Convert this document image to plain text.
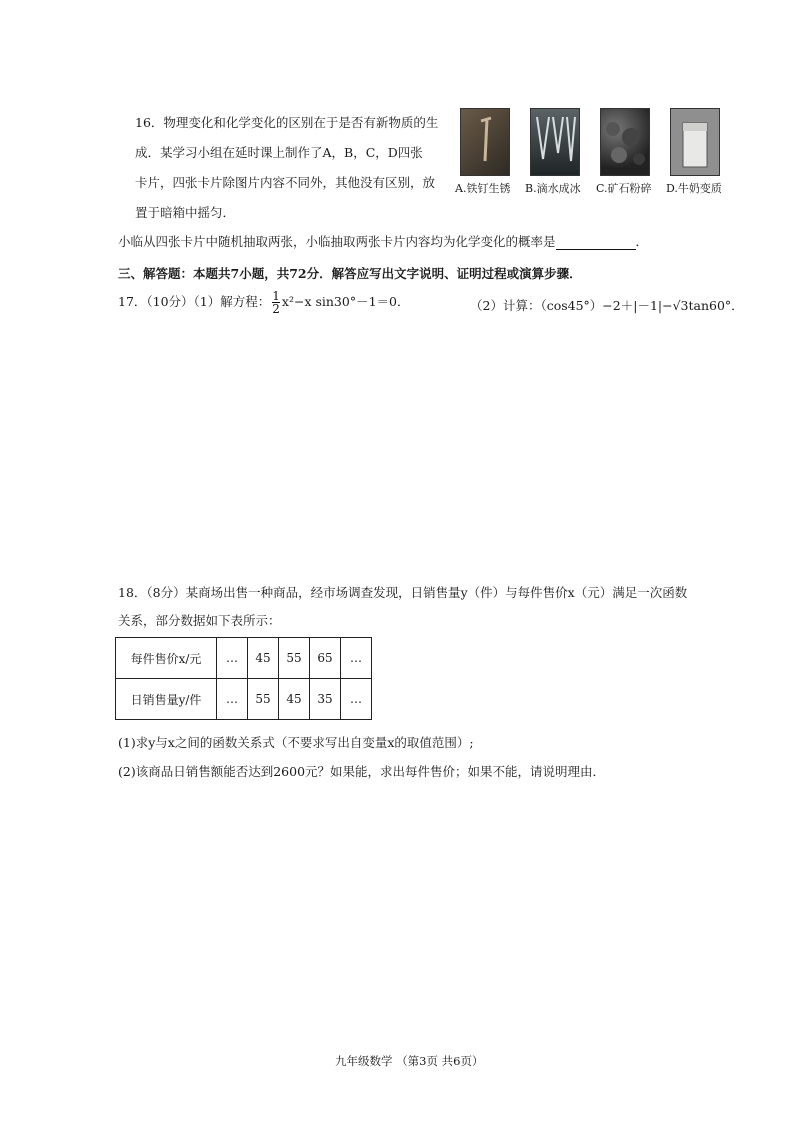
16．物理变化和化学变化的区别在于是否有新物质的生
成．某学习小组在延时课上制作了A，B，C，D四张
卡片，四张卡片除图片内容不同外，其他没有区别，放
置于暗箱中摇匀．
A.铁钉生锈 B.滴水成冰 C.矿石粉碎 D.牛奶变质
小临从四张卡片中随机抽取两张，小临抽取两张卡片内容均为化学变化的概率是	．
三、解答题：本题共7小题，共72分．解答应写出文字说明、证明过程或演算步骤．
17．（10分）（1）解方程： $\frac{1}{2} x^2-x$ sin30°－1＝0．	（2）计算：（cos45°）−2＋|－1|−√3tan60°．
18．（8分）某商场出售一种商品，经市场调查发现，日销售量y（件）与每件售价x（元）满足一次函数
关系，部分数据如下表所示：
每件售价x/元	…	45	55	65	…
日销售量y/件	…	55	45	35	…
(1)求y与x之间的函数关系式（不要求写出自变量x的取值范围）;
(2)该商品日销售额能否达到2600元？如果能，求出每件售价；如果不能，请说明理由．
九年级数学 （第3页 共6页）
